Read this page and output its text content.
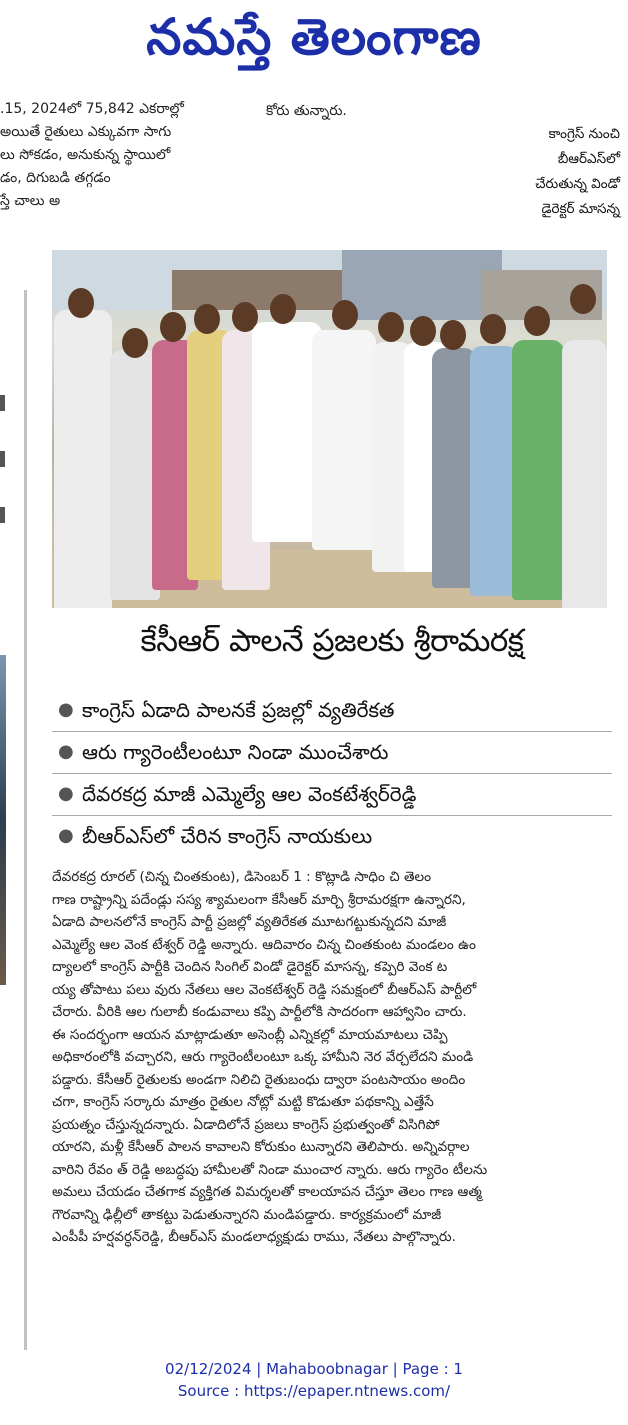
నమస్తే తెలంగాణ
.15, 2024లో 75,842 ఎకరాల్లో
అయితే రైతులు ఎక్కువగా సాగు
లు సోకడం, అనుకున్న స్థాయిలో
డం, దిగుబడి తగ్గడం
స్తే చాలు అ
కోరు తున్నారు.
కాంగ్రెస్ నుంచి
బీఆర్ఎస్‌లో
చేరుతున్న విండో
డైరెక్టర్ మాసన్న
కేసీఆర్ పాలనే ప్రజలకు శ్రీరామరక్ష
● కాంగ్రెస్ ఏడాది పాలనకే ప్రజల్లో వ్యతిరేకత
● ఆరు గ్యారెంటీలంటూ నిండా ముంచేశారు
● దేవరకద్ర మాజీ ఎమ్మెల్యే ఆల వెంకటేశ్వర్‌రెడ్డి
● బీఆర్ఎస్‌లో చేరిన కాంగ్రెస్ నాయకులు
దేవరకద్ర రూరల్ (చిన్న చింతకుంట), డిసెంబర్ 1 : కొట్లాడి సాధిం చి తెలం
గాణ రాష్ట్రాన్ని పదేండ్లు సస్య శ్యామలంగా కేసీఆర్ మార్చి శ్రీరామరక్షగా ఉన్నారని,
ఏడాది పాలనలోనే కాంగ్రెస్ పార్టీ ప్రజల్లో వ్యతిరేకత మూటగట్టుకున్నదని మాజీ
ఎమ్మెల్యే ఆల వెంక టేశ్వర్ రెడ్డి అన్నారు. ఆదివారం చిన్న చింతకుంట మండలం ఉం
ద్యాలలో కాంగ్రెస్ పార్టీకి చెందిన సింగిల్ విండో డైరెక్టర్ మాసన్న, కప్పెరి వెంక ట
య్య తోపాటు పలు వురు నేతలు ఆల వెంకటేశ్వర్ రెడ్డి సమక్షంలో బీఆర్ఎస్ పార్టీలో
చేరారు. వీరికి ఆల గులాబీ కండువాలు కప్పి పార్టీలోకి సాదరంగా ఆహ్వానిం చారు.
ఈ సందర్భంగా ఆయన మాట్లాడుతూ అసెంబ్లీ ఎన్నికల్లో మాయమాటలు చెప్పి
అధికారంలోకి వచ్చారని, ఆరు గ్యారెంటీలంటూ ఒక్క హామీని నెర వేర్చలేదని మండి
పడ్డారు. కేసీఆర్ రైతులకు అండగా నిలిచి రైతుబంధు ద్వారా పంటసాయం అందిం
చగా, కాంగ్రెస్ సర్కారు మాత్రం రైతుల నోట్లో మట్టి కొడుతూ పథకాన్ని ఎత్తేసే
ప్రయత్నం చేస్తున్నదన్నారు. ఏడాదిలోనే ప్రజలు కాంగ్రెస్ ప్రభుత్వంతో విసిగిపో
యారని, మళ్లీ కేసీఆర్ పాలన కావాలని కోరుకుం టున్నారని తెలిపారు. అన్నివర్గాల
వారిని రేవం త్ రెడ్డి అబద్ధపు హామీలతో నిండా ముంచార న్నారు. ఆరు గ్యారెం టీలను
అమలు చేయడం చేతగాక వ్యక్తిగత విమర్శలతో కాలయాపన చేస్తూ తెలం గాణ ఆత్మ
గౌరవాన్ని ఢిల్లీలో తాకట్టు పెడుతున్నారని మండిపడ్డారు. కార్యక్రమంలో మాజీ
ఎంపీపీ హర్షవర్ధన్‌రెడ్డి, బీఆర్ఎస్ మండలాధ్యక్షుడు రాము, నేతలు పాల్గొన్నారు.
02/12/2024 | Mahaboobnagar | Page : 1
Source : https://epaper.ntnews.com/
